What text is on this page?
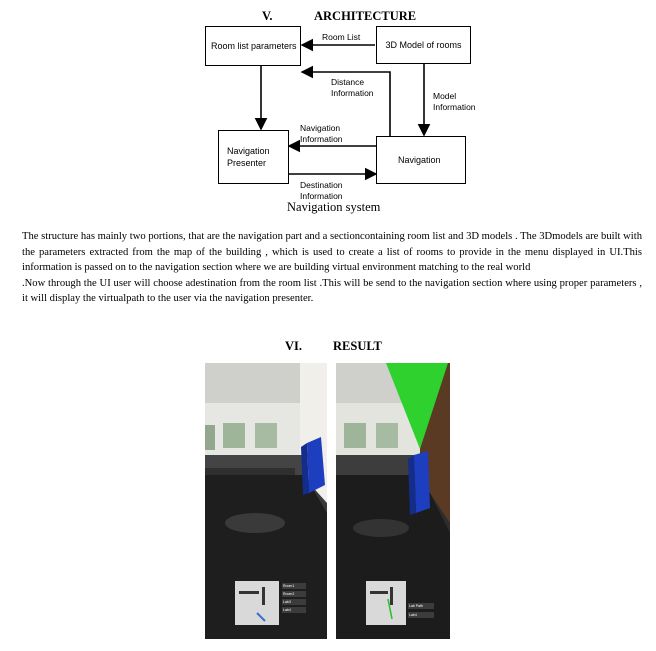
V.	ARCHITECTURE
Room list parameters	3D Model of rooms
Navigation
Presenter	Navigation
Room List
Distance
Information	Model
Information
Navigation
Information
Destination
Information
Navigation system

The structure has mainly two portions, that are the navigation part and a sectioncontaining room list and 3D models . The 3Dmodels are built with the parameters extracted from the map of the building , which is used to create a list of rooms to provide in the menu displayed in UI.This information is passed on to the navigation section where we are building virtual environment matching to the real world

.Now through the UI user will choose adestination from the room list .This will be send to the navigation section where using proper parameters , it will display the virtualpath to the user via the navigation presenter.

VI. RESULT
Room1
Room2
Lab3
Lab4
Lab Path
Lab4
